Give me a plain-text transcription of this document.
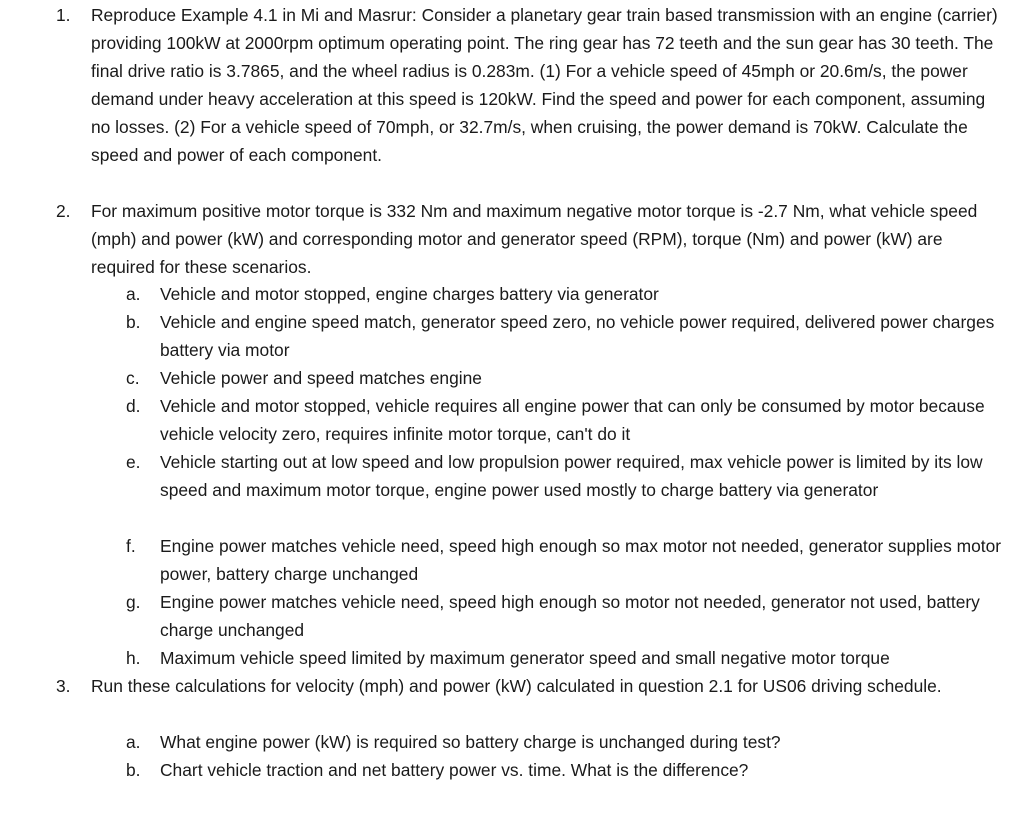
1. Reproduce Example 4.1 in Mi and Masrur: Consider a planetary gear train based transmission with an engine (carrier) providing 100kW at 2000rpm optimum operating point. The ring gear has 72 teeth and the sun gear has 30 teeth. The final drive ratio is 3.7865, and the wheel radius is 0.283m. (1) For a vehicle speed of 45mph or 20.6m/s, the power demand under heavy acceleration at this speed is 120kW. Find the speed and power for each component, assuming no losses. (2) For a vehicle speed of 70mph, or 32.7m/s, when cruising, the power demand is 70kW. Calculate the speed and power of each component.
2. For maximum positive motor torque is 332 Nm and maximum negative motor torque is -2.7 Nm, what vehicle speed (mph) and power (kW) and corresponding motor and generator speed (RPM), torque (Nm) and power (kW) are required for these scenarios.
a. Vehicle and motor stopped, engine charges battery via generator
b. Vehicle and engine speed match, generator speed zero, no vehicle power required, delivered power charges battery via motor
c. Vehicle power and speed matches engine
d. Vehicle and motor stopped, vehicle requires all engine power that can only be consumed by motor because vehicle velocity zero, requires infinite motor torque, can't do it
e. Vehicle starting out at low speed and low propulsion power required, max vehicle power is limited by its low speed and maximum motor torque, engine power used mostly to charge battery via generator
f. Engine power matches vehicle need, speed high enough so max motor not needed, generator supplies motor power, battery charge unchanged
g. Engine power matches vehicle need, speed high enough so motor not needed, generator not used, battery charge unchanged
h. Maximum vehicle speed limited by maximum generator speed and small negative motor torque
3. Run these calculations for velocity (mph) and power (kW) calculated in question 2.1 for US06 driving schedule.
a. What engine power (kW) is required so battery charge is unchanged during test?
b. Chart vehicle traction and net battery power vs. time. What is the difference?
